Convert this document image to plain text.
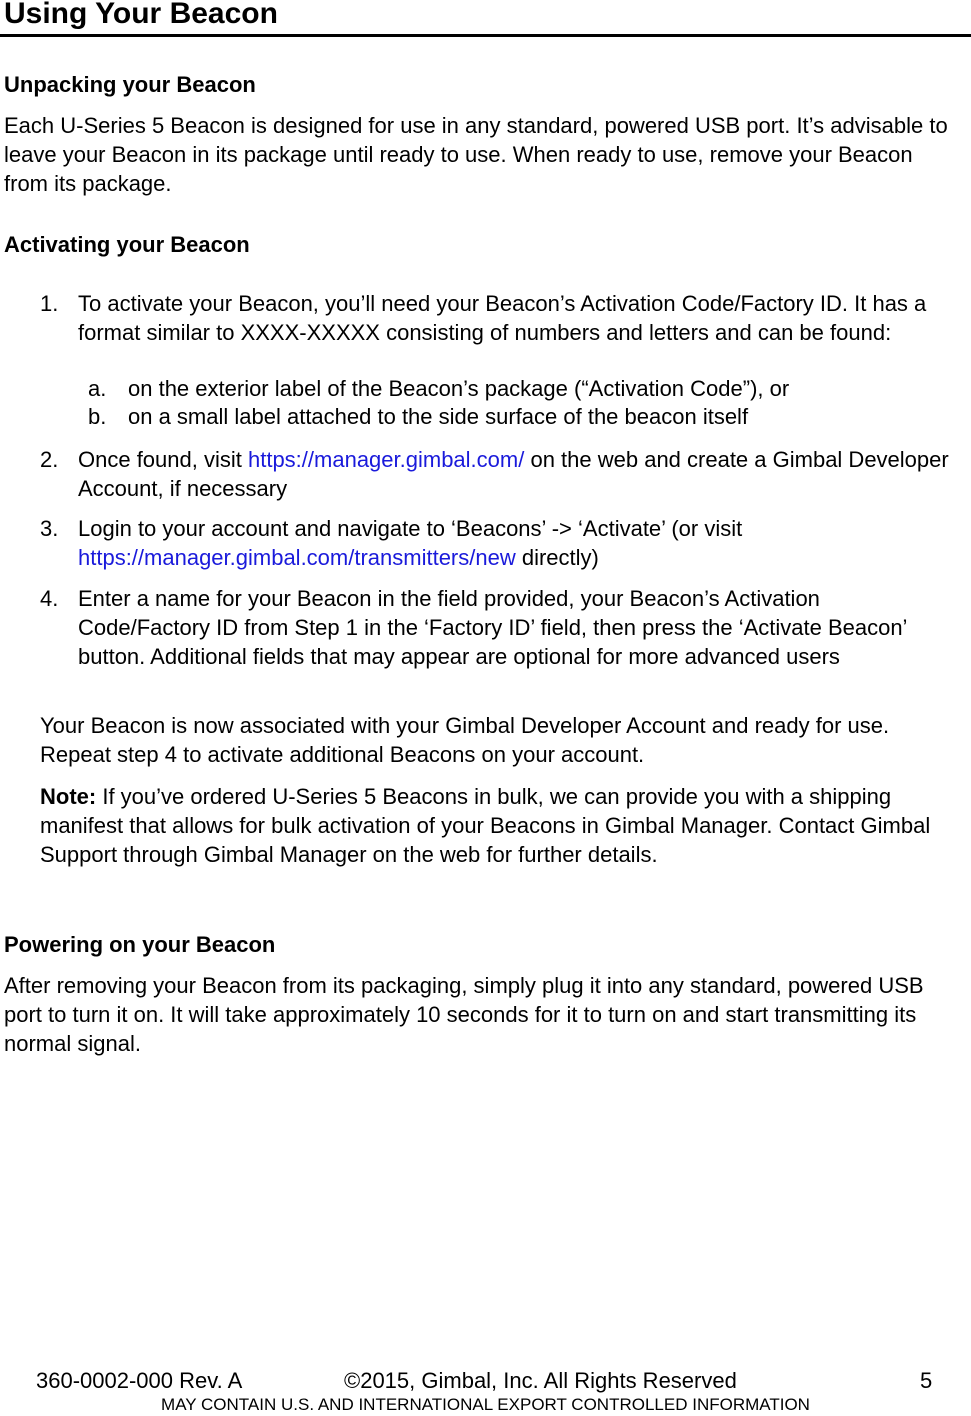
Using Your Beacon
Unpacking your Beacon

Each U-Series 5 Beacon is designed for use in any standard, powered USB port. It’s advisable to leave your Beacon in its package until ready to use. When ready to use, remove your Beacon from its package.

Activating your Beacon
1. To activate your Beacon, you’ll need your Beacon’s Activation Code/Factory ID. It has a format similar to XXXX-XXXXX consisting of numbers and letters and can be found:
a. on the exterior label of the Beacon’s package (“Activation Code”), or
b. on a small label attached to the side surface of the beacon itself
2. Once found, visit https://manager.gimbal.com/ on the web and create a Gimbal Developer Account, if necessary
3. Login to your account and navigate to ‘Beacons’ -> ‘Activate’ (or visit https://manager.gimbal.com/transmitters/new directly)
4. Enter a name for your Beacon in the field provided, your Beacon’s Activation Code/Factory ID from Step 1 in the ‘Factory ID’ field, then press the ‘Activate Beacon’ button. Additional fields that may appear are optional for more advanced users

Your Beacon is now associated with your Gimbal Developer Account and ready for use. Repeat step 4 to activate additional Beacons on your account.

Note: If you’ve ordered U-Series 5 Beacons in bulk, we can provide you with a shipping manifest that allows for bulk activation of your Beacons in Gimbal Manager. Contact Gimbal Support through Gimbal Manager on the web for further details.

Powering on your Beacon

After removing your Beacon from its packaging, simply plug it into any standard, powered USB port to turn it on. It will take approximately 10 seconds for it to turn on and start transmitting its normal signal.

360-0002-000 Rev. A	©2015, Gimbal, Inc. All Rights Reserved	5
MAY CONTAIN U.S. AND INTERNATIONAL EXPORT CONTROLLED INFORMATION
